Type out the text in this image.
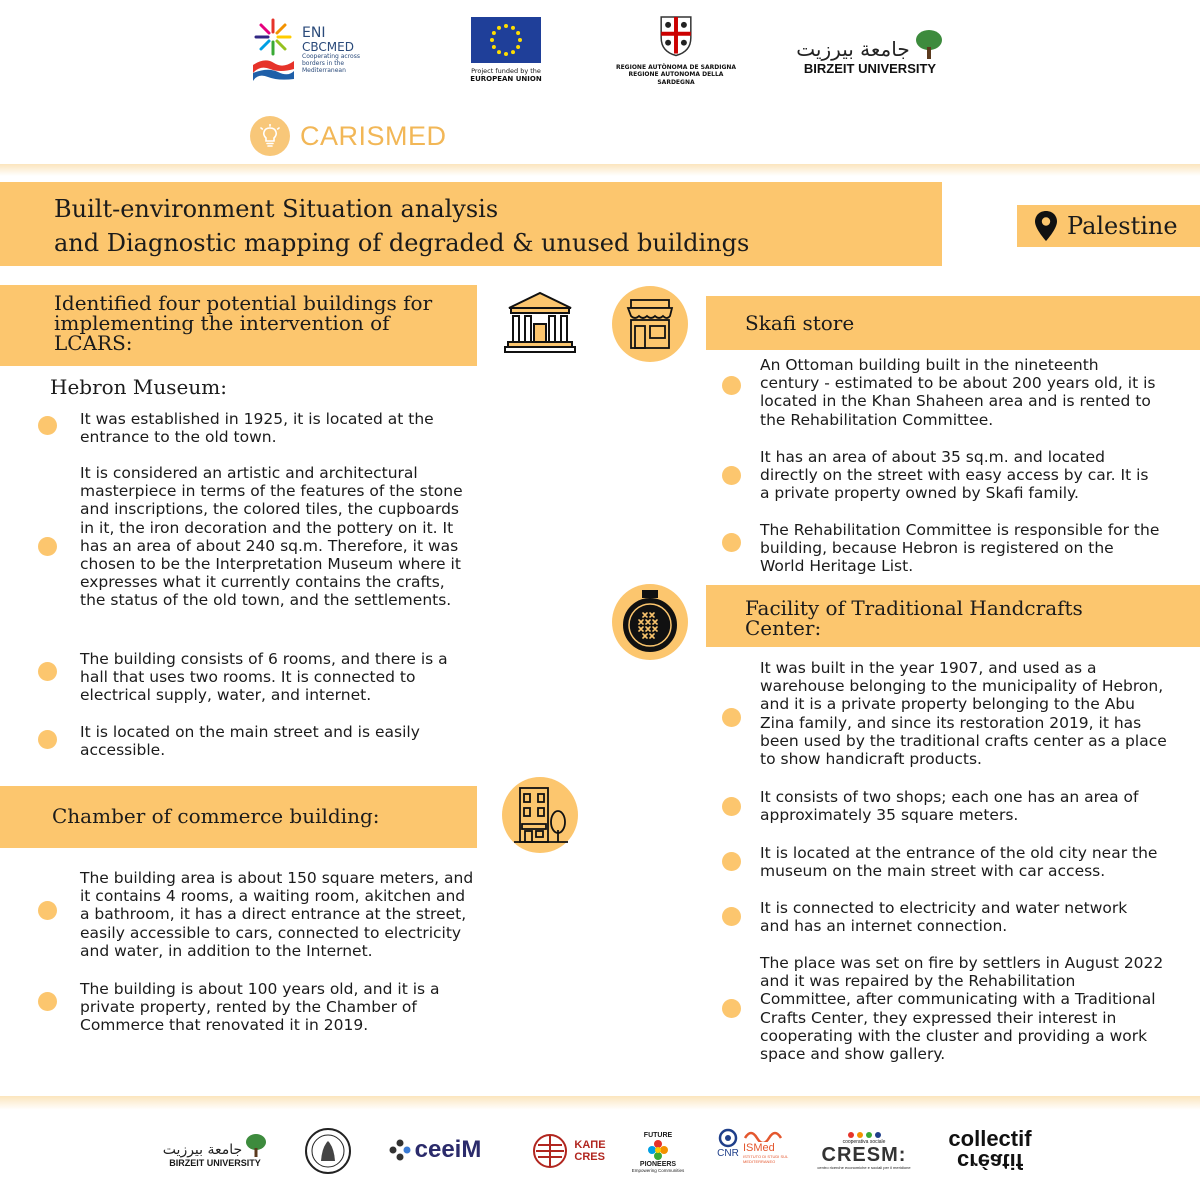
ENI
CBCMED
Cooperating across borders in the Mediterranean	Project funded by the
EUROPEAN UNION
REGIONE AUTÒNOMA DE SARDIGNA
REGIONE AUTONOMA DELLA SARDEGNA
جامعة بيرزيت
BIRZEIT UNIVERSITY
CARISMED
Built-environment Situation analysis
and Diagnostic mapping of degraded & unused buildings
Palestine
Identified four potential buildings for implementing the intervention of LCARS:
Hebron Museum:
It was established in 1925, it is located at the entrance to the old town.
It is considered an artistic and architectural masterpiece in terms of the features of the stone and inscriptions, the colored tiles, the cupboards in it, the iron decoration and the pottery on it. It has an area of about 240 sq.m. Therefore, it was chosen to be the Interpretation Museum where it expresses what it currently contains the crafts, the status of the old town, and the settlements.
The building consists of 6 rooms, and there is a hall that uses two rooms. It is connected to electrical supply, water, and internet.
It is located on the main street and is easily accessible.
Chamber of commerce building:
The building area is about 150 square meters, and it contains 4 rooms, a waiting room, akitchen and a bathroom, it has a direct entrance at the street, easily accessible to cars, connected to electricity and water, in addition to the Internet.
The building is about 100 years old, and it is a private property, rented by the Chamber of Commerce that renovated it in 2019.
Skafi store
An Ottoman building built in the nineteenth century - estimated to be about 200 years old, it is located in the Khan Shaheen area and is rented to the Rehabilitation Committee.
It has an area of about 35 sq.m. and located directly on the street with easy access by car. It is a private property owned by Skafi family.
The Rehabilitation Committee is responsible for the building, because Hebron is registered on the World Heritage List.
Facility of Traditional Handcrafts Center:
It was built in the year 1907, and used as a warehouse belonging to the municipality of Hebron, and it is a private property belonging to the Abu Zina family, and since its restoration 2019, it has been used by the traditional crafts center as a place to show handicraft products.
It consists of two shops; each one has an area of approximately 35 square meters.
It is located at the entrance of the old city near the museum on the main street with car access.
It is connected to electricity and water network and has an internet connection.
The place was set on fire by settlers in August 2022 and it was repaired by the Rehabilitation Committee, after communicating with a Traditional Crafts Center, they expressed their interest in cooperating with the cluster and providing a work space and show gallery.
جامعة بيرزيت
BIRZEIT UNIVERSITY	ceeiM	ΚΑΠΕ
CRES
FUTURE
PIONEERS
Empowering Communities
CNR ISMed
ISTITUTO DI STUDI SUL MEDITERRANEO
cooperativa sociale
CRESM:
centro ricerche economiche e sociali per il meridione
collectif
créatif
